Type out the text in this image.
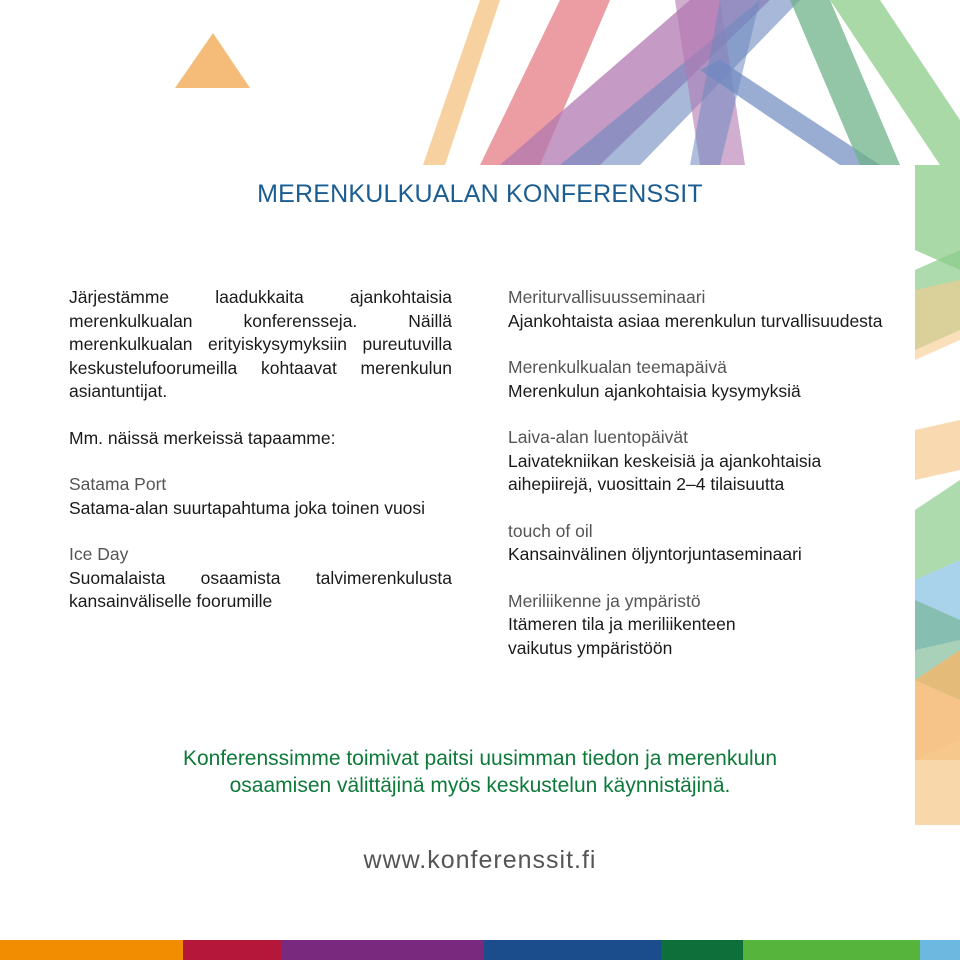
MERENKULKUALAN KONFERENSSIT

Järjestämme laadukkaita ajankohtaisia merenkulkualan konferensseja. Näillä merenkulkualan erityiskysymyksiin pureutuvilla keskustelufoorumeilla kohtaavat merenkulun asiantuntijat.

Mm. näissä merkeissä tapaamme:

Satama Port
Satama-alan suurtapahtuma joka toinen vuosi
Ice Day
Suomalaista osaamista talvimerenkulusta kansainväliselle foorumille
Meriturvallisuusseminaari
Ajankohtaista asiaa merenkulun turvallisuudesta
Merenkulkualan teemapäivä
Merenkulun ajankohtaisia kysymyksiä
Laiva-alan luentopäivät
Laivatekniikan keskeisiä ja ajankohtaisia aihepiirejä, vuosittain 2–4 tilaisuutta
touch of oil
Kansainvälinen öljyntorjuntaseminaari
Meriliikenne ja ympäristö
Itämeren tila ja meriliikenteen vaikutus ympäristöön
Konferenssimme toimivat paitsi uusimman tiedon ja merenkulun
osaamisen välittäjinä myös keskustelun käynnistäjinä.
www.konferenssit.fi
